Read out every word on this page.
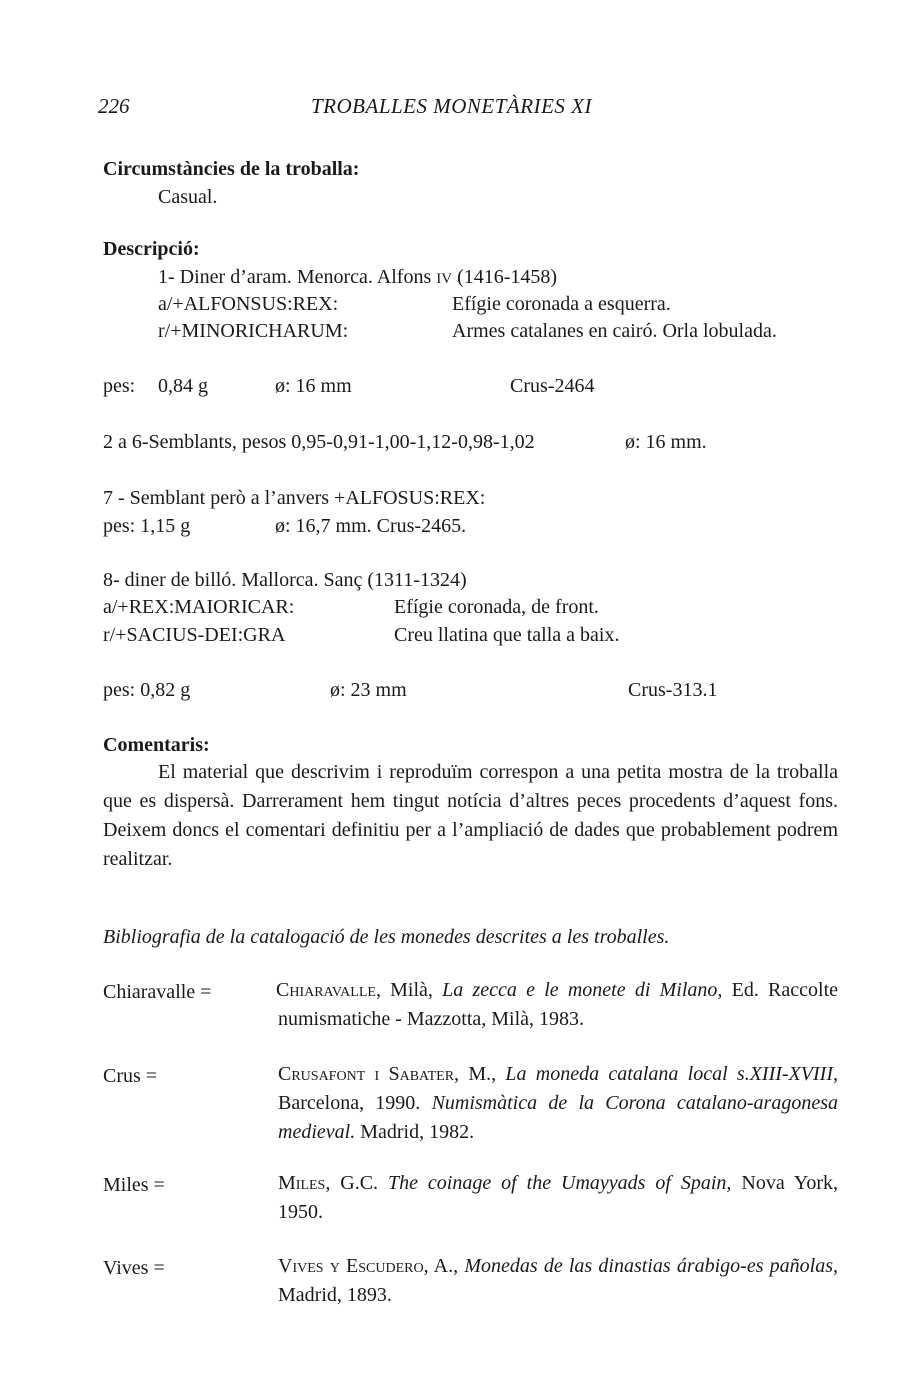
226	TROBALLES MONETÀRIES XI
Circumstàncies de la troballa:
Casual.
Descripció:
1- Diner d’aram. Menorca. Alfons IV (1416-1458)
a/+ALFONSUS:REX:	Efígie coronada a esquerra.
r/+MINORICHARUM:	Armes catalanes en cairó. Orla lobulada.
pes: 0,84 g	ø: 16 mm	Crus-2464
2 a 6-Semblants, pesos 0,95-0,91-1,00-1,12-0,98-1,02	ø: 16 mm.
7 - Semblant però a l’anvers +ALFOSUS:REX:
pes: 1,15 g	ø: 16,7 mm. Crus-2465.
8- diner de billó. Mallorca. Sanç (1311-1324)
a/+REX:MAIORICAR:	Efígie coronada, de front.
r/+SACIUS-DEI:GRA	Creu llatina que talla a baix.
pes: 0,82 g	ø: 23 mm	Crus-313.1
Comentaris:
El material que descrivim i reproduïm correspon a una petita mostra de la troballa que es dispersà. Darrerament hem tingut notícia d’altres peces procedents d’aquest fons. Deixem doncs el comentari definitiu per a l’ampliació de dades que probablement podrem realitzar.
Bibliografia de la catalogació de les monedes descrites a les troballes.
Chiaravalle =	Chiaravalle, Milà, La zecca e le monete di Milano, Ed. Raccolte numismatiche - Mazzotta, Milà, 1983.
Crus =	Crusafont i Sabater, M., La moneda catalana local s.XIII-XVIII, Barcelona, 1990. Numismàtica de la Corona catalano-aragonesa medieval. Madrid, 1982.
Miles =	Miles, G.C. The coinage of the Umayyads of Spain, Nova York, 1950.
Vives =	Vives y Escudero, A., Monedas de las dinastias árabigo-es pañolas, Madrid, 1893.
